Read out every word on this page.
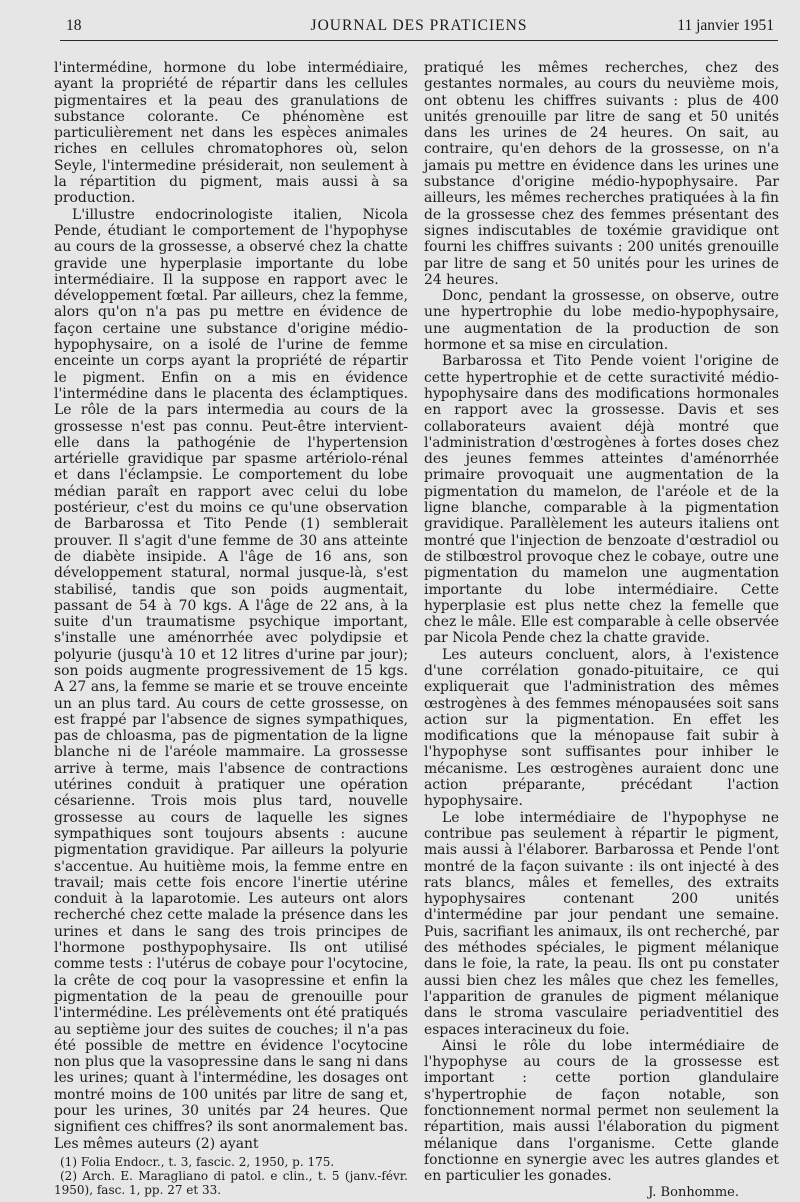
18	JOURNAL DES PRATICIENS	11 janvier 1951

l'intermédine, hormone du lobe intermédiaire, ayant la propriété de répartir dans les cellules pigmentaires et la peau des granulations de substance colorante. Ce phénomène est particulièrement net dans les espèces animales riches en cellules chromatophores où, selon Seyle, l'intermedine présiderait, non seulement à la répartition du pigment, mais aussi à sa production.

L'illustre endocrinologiste italien, Nicola Pende, étudiant le comportement de l'hypophyse au cours de la grossesse, a observé chez la chatte gravide une hyperplasie importante du lobe intermédiaire. Il la suppose en rapport avec le développement fœtal. Par ailleurs, chez la femme, alors qu'on n'a pas pu mettre en évidence de façon certaine une substance d'origine médio-hypophysaire, on a isolé de l'urine de femme enceinte un corps ayant la propriété de répartir le pigment. Enfin on a mis en évidence l'intermédine dans le placenta des éclamptiques. Le rôle de la pars intermedia au cours de la grossesse n'est pas connu. Peut-être intervient-elle dans la pathogénie de l'hypertension artérielle gravidique par spasme artériolo-rénal et dans l'éclampsie. Le comportement du lobe médian paraît en rapport avec celui du lobe postérieur, c'est du moins ce qu'une observation de Barbarossa et Tito Pende (1) semblerait prouver. Il s'agit d'une femme de 30 ans atteinte de diabète insipide. A l'âge de 16 ans, son développement statural, normal jusque-là, s'est stabilisé, tandis que son poids augmentait, passant de 54 à 70 kgs. A l'âge de 22 ans, à la suite d'un traumatisme psychique important, s'installe une aménorrhée avec polydipsie et polyurie (jusqu'à 10 et 12 litres d'urine par jour); son poids augmente progressivement de 15 kgs. A 27 ans, la femme se marie et se trouve enceinte un an plus tard. Au cours de cette grossesse, on est frappé par l'absence de signes sympathiques, pas de chloasma, pas de pigmentation de la ligne blanche ni de l'aréole mammaire. La grossesse arrive à terme, mais l'absence de contractions utérines conduit à pratiquer une opération césarienne. Trois mois plus tard, nouvelle grossesse au cours de laquelle les signes sympathiques sont toujours absents : aucune pigmentation gravidique. Par ailleurs la polyurie s'accentue. Au huitième mois, la femme entre en travail; mais cette fois encore l'inertie utérine conduit à la laparotomie. Les auteurs ont alors recherché chez cette malade la présence dans les urines et dans le sang des trois principes de l'hormone posthypophysaire. Ils ont utilisé comme tests : l'utérus de cobaye pour l'ocytocine, la crête de coq pour la vasopressine et enfin la pigmentation de la peau de grenouille pour l'intermédine. Les prélèvements ont été pratiqués au septième jour des suites de couches; il n'a pas été possible de mettre en évidence l'ocytocine non plus que la vasopressine dans le sang ni dans les urines; quant à l'intermédine, les dosages ont montré moins de 100 unités par litre de sang et, pour les urines, 30 unités par 24 heures. Que signifient ces chiffres? ils sont anormalement bas. Les mêmes auteurs (2) ayant

(1) Folia Endocr., t. 3, fascic. 2, 1950, p. 175.
(2) Arch. E. Maragliano di patol. e clin., t. 5 (janv.-févr. 1950), fasc. 1, pp. 27 et 33.

pratiqué les mêmes recherches, chez des gestantes normales, au cours du neuvième mois, ont obtenu les chiffres suivants : plus de 400 unités grenouille par litre de sang et 50 unités dans les urines de 24 heures. On sait, au contraire, qu'en dehors de la grossesse, on n'a jamais pu mettre en évidence dans les urines une substance d'origine médio-hypophysaire. Par ailleurs, les mêmes recherches pratiquées à la fin de la grossesse chez des femmes présentant des signes indiscutables de toxémie gravidique ont fourni les chiffres suivants : 200 unités grenouille par litre de sang et 50 unités pour les urines de 24 heures.

Donc, pendant la grossesse, on observe, outre une hypertrophie du lobe medio-hypophysaire, une augmentation de la production de son hormone et sa mise en circulation.

Barbarossa et Tito Pende voient l'origine de cette hypertrophie et de cette suractivité médio-hypophysaire dans des modifications hormonales en rapport avec la grossesse. Davis et ses collaborateurs avaient déjà montré que l'administration d'œstrogènes à fortes doses chez des jeunes femmes atteintes d'aménorrhée primaire provoquait une augmentation de la pigmentation du mamelon, de l'aréole et de la ligne blanche, comparable à la pigmentation gravidique. Parallèlement les auteurs italiens ont montré que l'injection de benzoate d'œstradiol ou de stilbœstrol provoque chez le cobaye, outre une pigmentation du mamelon une augmentation importante du lobe intermédiaire. Cette hyperplasie est plus nette chez la femelle que chez le mâle. Elle est comparable à celle observée par Nicola Pende chez la chatte gravide.

Les auteurs concluent, alors, à l'existence d'une corrélation gonado-pituitaire, ce qui expliquerait que l'administration des mêmes œstrogènes à des femmes ménopausées soit sans action sur la pigmentation. En effet les modifications que la ménopause fait subir à l'hypophyse sont suffisantes pour inhiber le mécanisme. Les œstrogènes auraient donc une action préparante, précédant l'action hypophysaire.

Le lobe intermédiaire de l'hypophyse ne contribue pas seulement à répartir le pigment, mais aussi à l'élaborer. Barbarossa et Pende l'ont montré de la façon suivante : ils ont injecté à des rats blancs, mâles et femelles, des extraits hypophysaires contenant 200 unités d'intermédine par jour pendant une semaine. Puis, sacrifiant les animaux, ils ont recherché, par des méthodes spéciales, le pigment mélanique dans le foie, la rate, la peau. Ils ont pu constater aussi bien chez les mâles que chez les femelles, l'apparition de granules de pigment mélanique dans le stroma vasculaire periadventitiel des espaces interacineux du foie.

Ainsi le rôle du lobe intermédiaire de l'hypophyse au cours de la grossesse est important : cette portion glandulaire s'hypertrophie de façon notable, son fonctionnement normal permet non seulement la répartition, mais aussi l'élaboration du pigment mélanique dans l'organisme. Cette glande fonctionne en synergie avec les autres glandes et en particulier les gonades.

J. Bonhomme.
